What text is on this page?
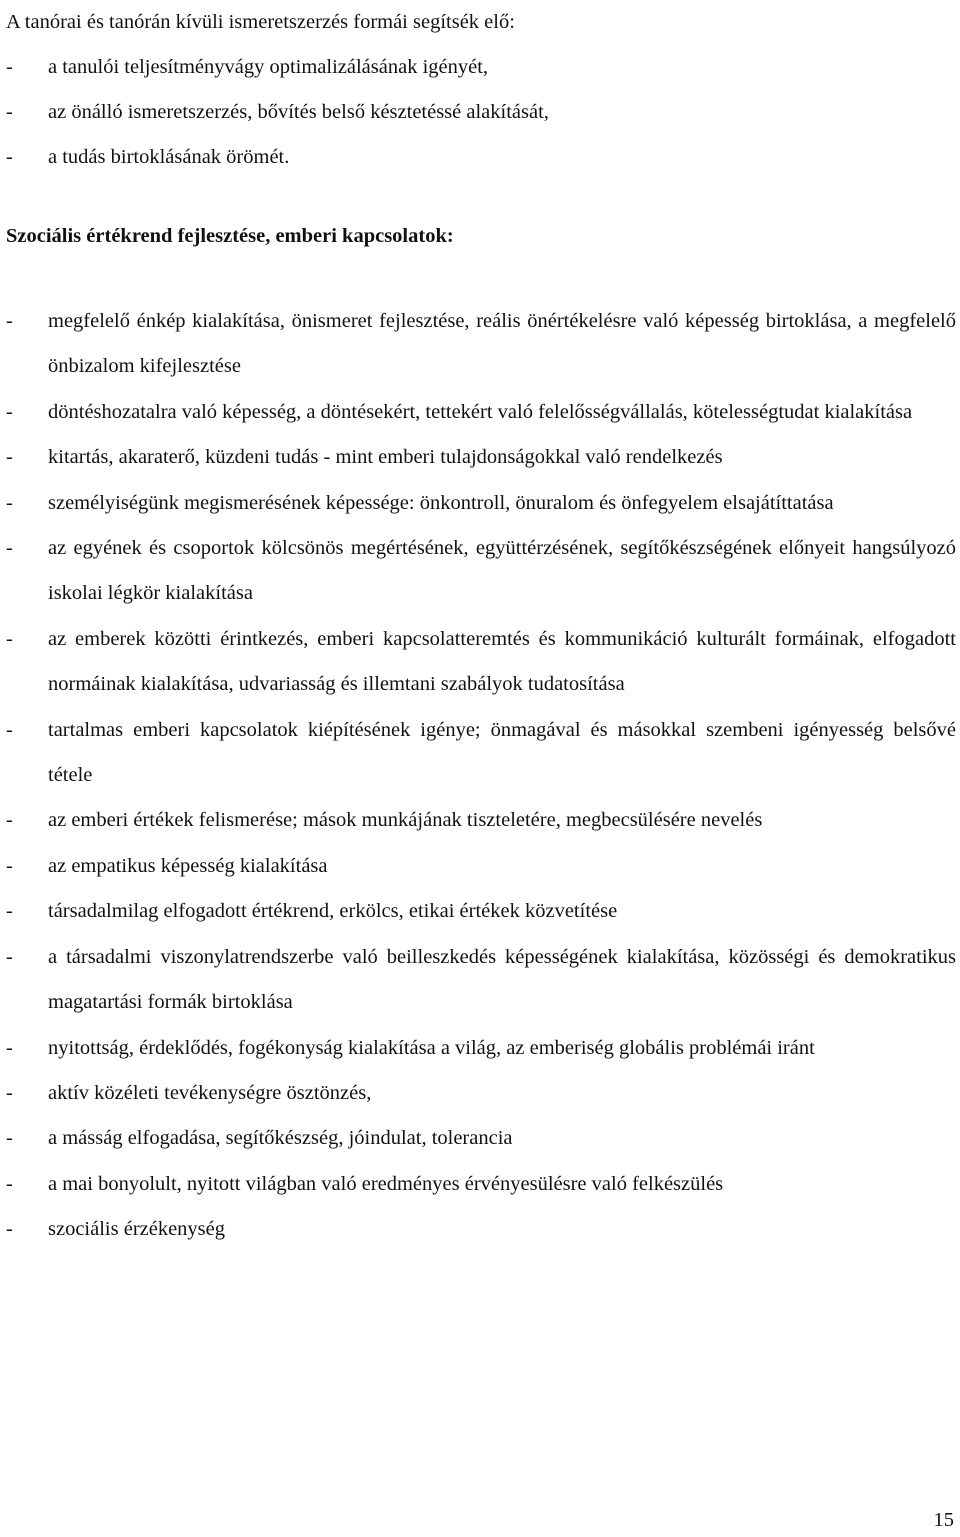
A tanórai és tanórán kívüli ismeretszerzés formái segítsék elő:
- a tanulói teljesítményvágy optimalizálásának igényét,
- az önálló ismeretszerzés, bővítés belső késztetéssé alakítását,
- a tudás birtoklásának örömét.
Szociális értékrend fejlesztése, emberi kapcsolatok:
- megfelelő énkép kialakítása, önismeret fejlesztése, reális önértékelésre való képesség birtoklása, a megfelelő önbizalom kifejlesztése
- döntéshozatalra való képesség, a döntésekért, tettekért való felelősségvállalás, kötelességtudat kialakítása
- kitartás, akaraterő, küzdeni tudás - mint emberi tulajdonságokkal való rendelkezés
- személyiségünk megismerésének képessége: önkontroll, önuralom és önfegyelem elsajátíttatása
- az egyének és csoportok kölcsönös megértésének, együttérzésének, segítőkészségének előnyeit hangsúlyozó iskolai légkör kialakítása
- az emberek közötti érintkezés, emberi kapcsolatteremtés és kommunikáció kulturált formáinak, elfogadott normáinak kialakítása, udvariasság és illemtani szabályok tudatosítása
- tartalmas emberi kapcsolatok kiépítésének igénye; önmagával és másokkal szembeni igényesség belsővé tétele
- az emberi értékek felismerése; mások munkájának tiszteletére, megbecsülésére nevelés
- az empatikus képesség kialakítása
- társadalmilag elfogadott értékrend, erkölcs, etikai értékek közvetítése
- a társadalmi viszonylatrendszerbe való beilleszkedés képességének kialakítása, közösségi és demokratikus magatartási formák birtoklása
- nyitottság, érdeklődés, fogékonyság kialakítása a világ, az emberiség globális problémái iránt
- aktív közéleti tevékenységre ösztönzés,
- a másság elfogadása, segítőkészség, jóindulat, tolerancia
- a mai bonyolult, nyitott világban való eredményes érvényesülésre való felkészülés
- szociális érzékenység
15
